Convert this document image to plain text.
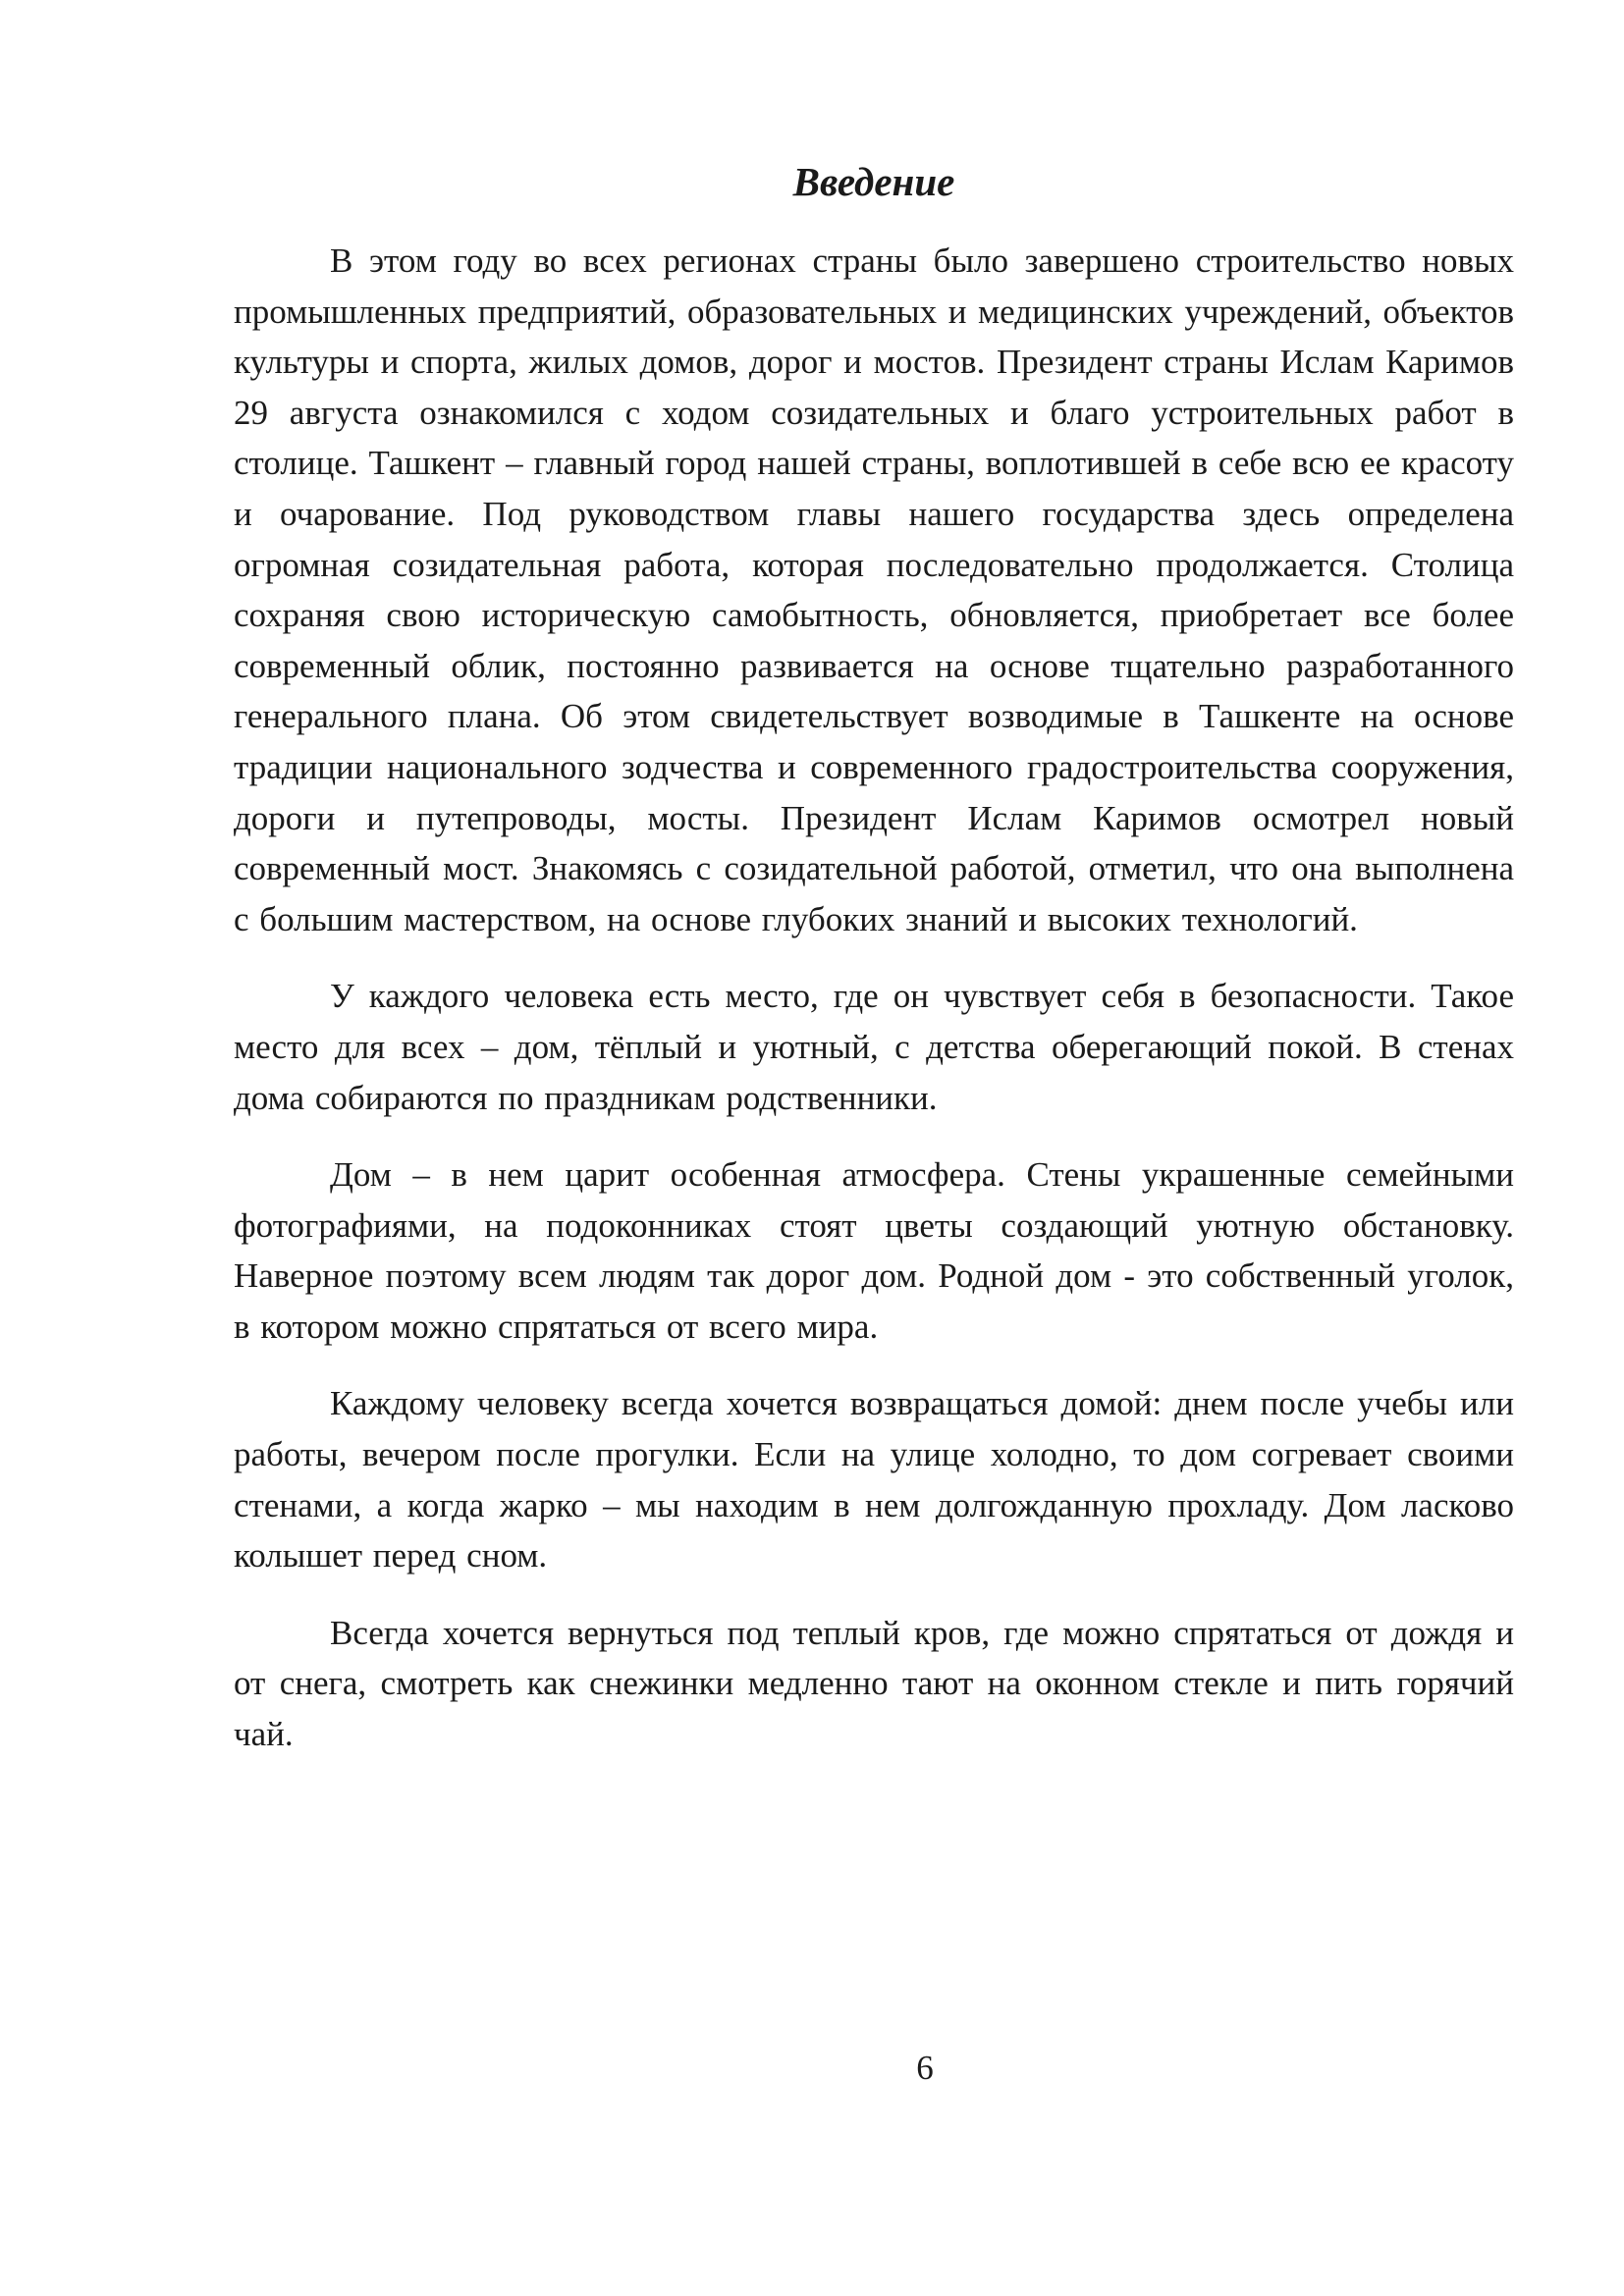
Введение

В этом году во всех регионах страны было завершено строительство новых промышленных предприятий, образовательных и медицинских учреждений, объектов культуры и спорта, жилых домов, дорог и мостов. Президент страны Ислам Каримов 29 августа ознакомился с ходом созидательных и благо устроительных работ в столице. Ташкент – главный город нашей страны, воплотившей в себе всю ее красоту и очарование. Под руководством главы нашего государства здесь определена огромная созидательная работа, которая последовательно продолжается. Столица сохраняя свою историческую самобытность, обновляется, приобретает все более современный облик, постоянно развивается на основе тщательно разработанного генерального плана. Об этом свидетельствует возводимые в Ташкенте на основе традиции национального зодчества и современного градостроительства сооружения, дороги и путепроводы, мосты. Президент Ислам Каримов осмотрел новый современный мост. Знакомясь с созидательной работой, отметил, что она выполнена с большим мастерством, на основе глубоких знаний и высоких технологий.

У каждого человека есть место, где он чувствует себя в безопасности. Такое место для всех – дом, тёплый и уютный, с детства оберегающий покой. В стенах дома собираются по праздникам родственники.

Дом – в нем царит особенная атмосфера. Стены украшенные семейными фотографиями, на подоконниках стоят цветы создающий уютную обстановку. Наверное поэтому всем людям так дорог дом. Родной дом - это собственный уголок, в котором можно спрятаться от всего мира.

Каждому человеку всегда хочется возвращаться домой: днем после учебы или работы, вечером после прогулки. Если на улице холодно, то дом согревает своими стенами, а когда жарко – мы находим в нем долгожданную прохладу. Дом ласково колышет перед сном.

Всегда хочется вернуться под теплый кров, где можно спрятаться от дождя и от снега, смотреть как снежинки медленно тают на оконном стекле и пить горячий чай.

6
